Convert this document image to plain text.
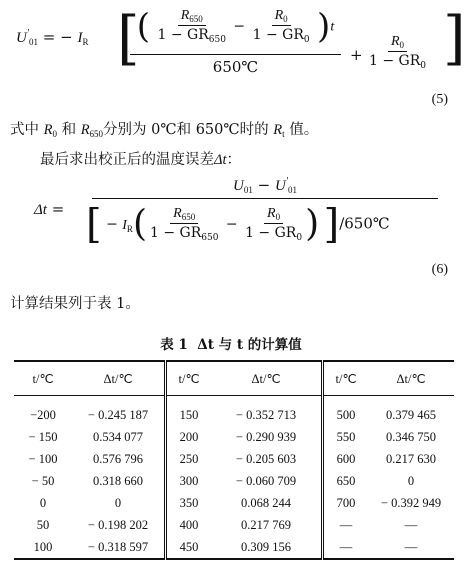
$U'_{01}$ = − $I_R$ [
( $\frac{R_{650}}{1 - GR_{650}} - \frac{R_0}{1 - GR_0} )t$
650℃
+ $\frac{R_0}{1 - GR_0}$ ]
(5)
式中 $R_0$ 和 $R_{650}$分别为 0℃和 650℃时的 $R_t$ 值。
最后求出校正后的温度误差Δt：
Δt =
$U_{01} - U'_{01}$
[ − $I_R( \frac{R_{650}}{1 - GR_{650}} - \frac{R_0}{1 - GR_0}$ ) ]/650℃
(6)
计算结果列于表 1。
表 1 Δt 与 t 的计算值
t/℃	Δt/℃	t/℃	Δt/℃	t/℃	Δt/℃
−200	− 0.245 187	150	− 0.352 713	500	0.379 465
− 150	0.534 077	200	− 0.290 939	550	0.346 750
− 100	0.576 796	250	− 0.205 603	600	0.217 630
− 50	0.318 660	300	− 0.060 709	650	0
0	0	350	0.068 244	700	− 0.392 949
50	− 0.198 202	400	0.217 769	—	—
100	− 0.318 597	450	0.309 156	—	—
